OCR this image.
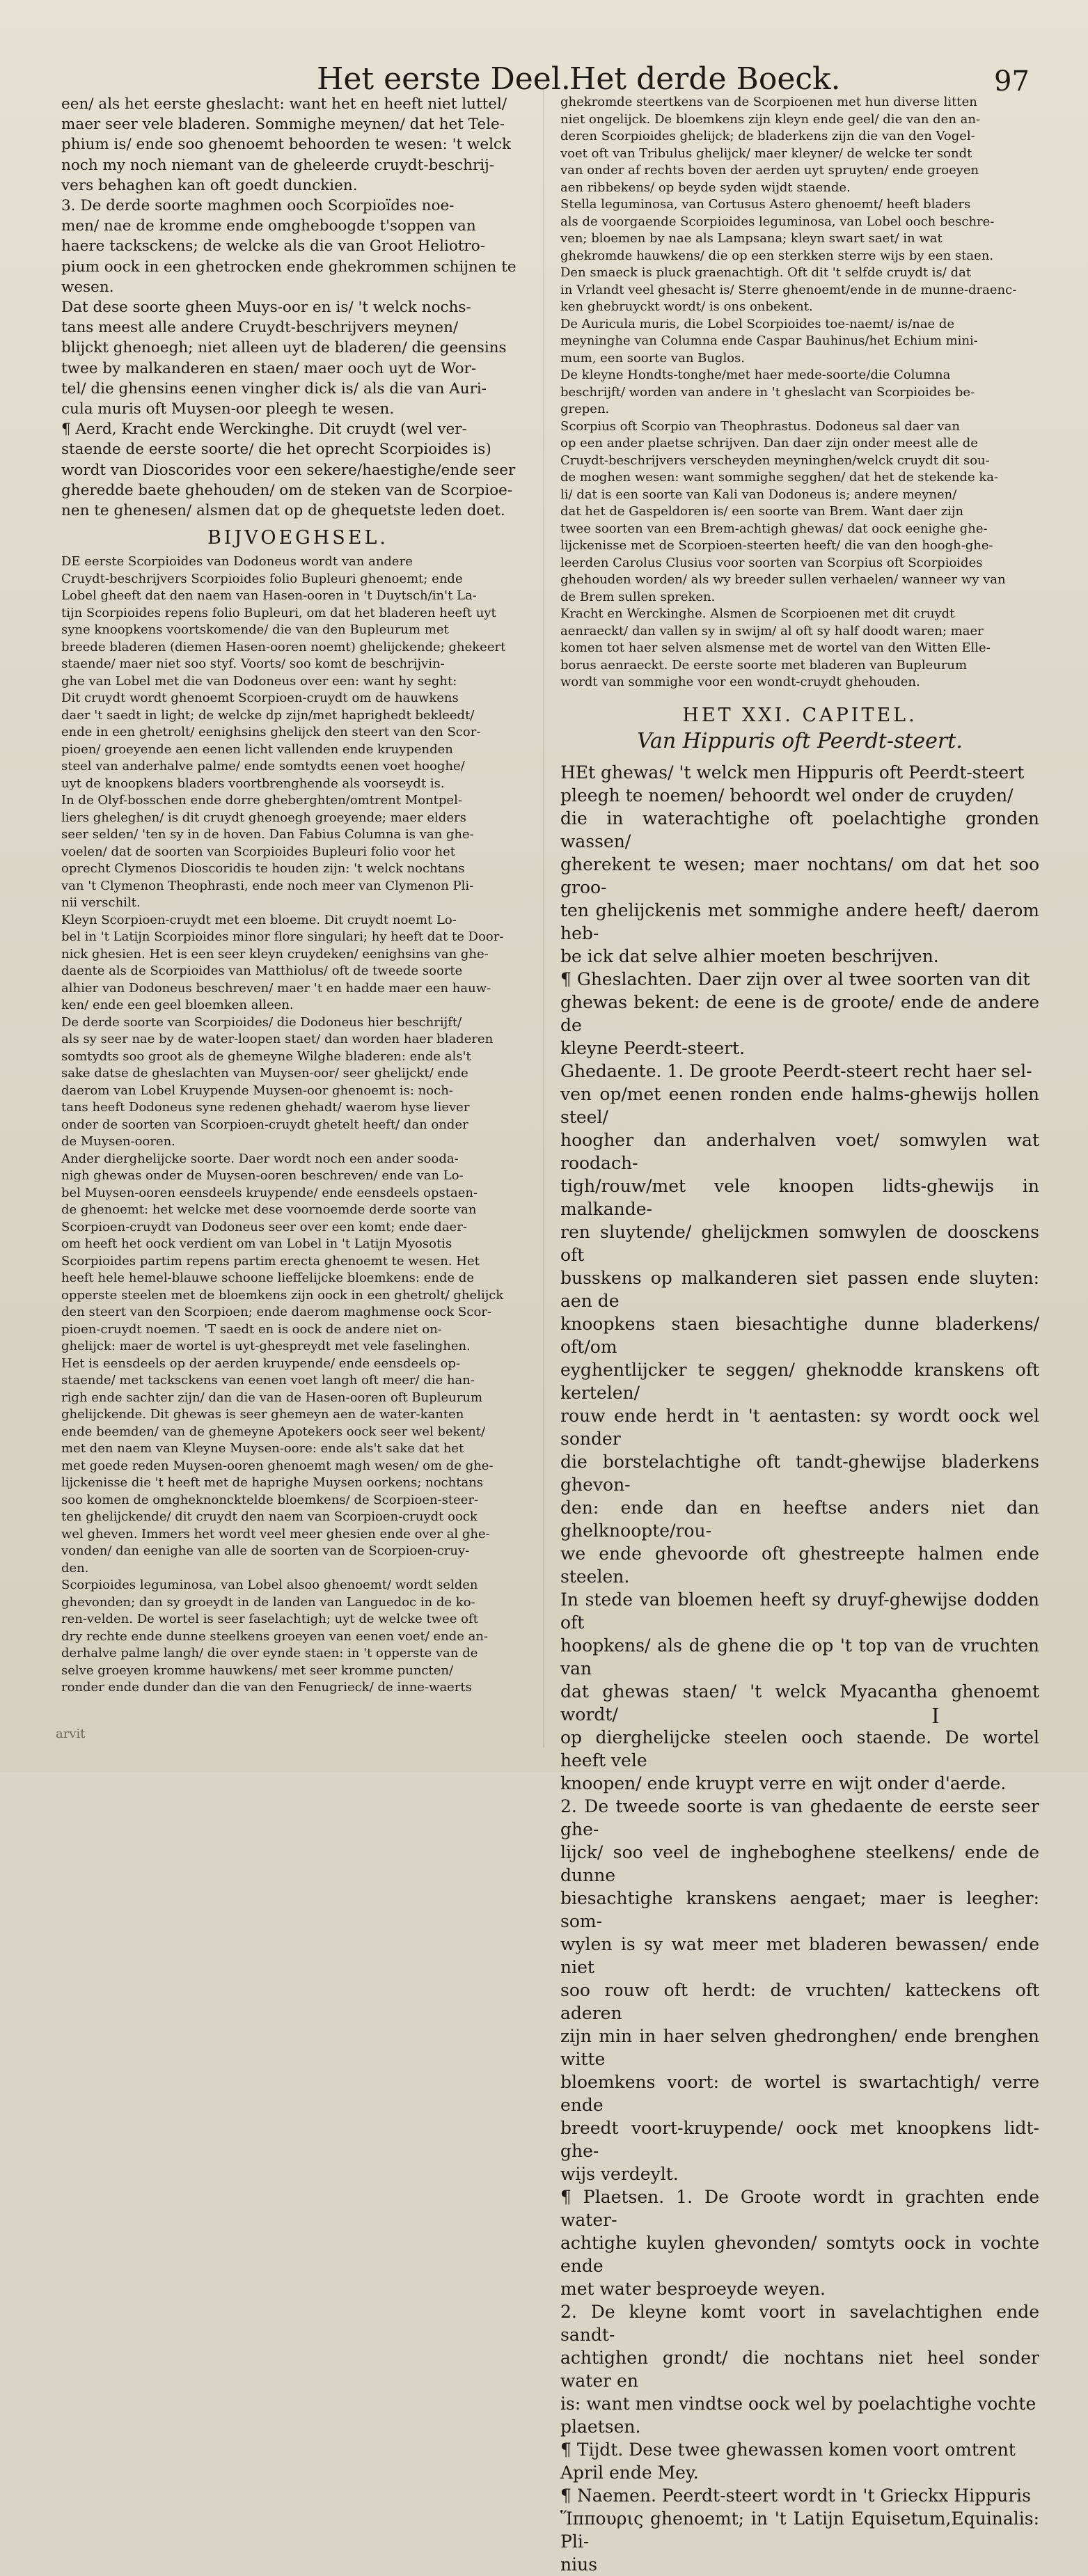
Het eerste Deel.
Het derde Boeck.	97
een/ als het eerste gheslacht: want het en heeft niet luttel/
maer seer vele bladeren. Sommighe meynen/ dat het Tele-
phium is/ ende soo ghenoemt behoorden te wesen: 't welck
noch my noch niemant van de gheleerde cruydt-beschrij-
vers behaghen kan oft goedt dunckien.
3. De derde soorte maghmen ooch Scorpioïdes noe-
men/ nae de kromme ende omgheboogde t'soppen van
haere tacksckens; de welcke als die van Groot Heliotro-
pium oock in een ghetrocken ende ghekrommen schijnen te
wesen.
Dat dese soorte gheen Muys-oor en is/ 't welck nochs-
tans meest alle andere Cruydt-beschrijvers meynen/
blijckt ghenoegh; niet alleen uyt de bladeren/ die geensins
twee by malkanderen en staen/ maer ooch uyt de Wor-
tel/ die ghensins eenen vingher dick is/ als die van Auri-
cula muris oft Muysen-oor pleegh te wesen.
¶ Aerd, Kracht ende Werckinghe. Dit cruydt (wel ver-
staende de eerste soorte/ die het oprecht Scorpioides is)
wordt van Dioscorides voor een sekere/haestighe/ende seer
gheredde baete ghehouden/ om de steken van de Scorpioe-
nen te ghenesen/ alsmen dat op de ghequetste leden doet.
BIJVOEGHSEL.
DE eerste Scorpioides van Dodoneus wordt van andere
Cruydt-beschrijvers Scorpioides folio Bupleuri ghenoemt; ende
Lobel gheeft dat den naem van Hasen-ooren in 't Duytsch/in't La-
tijn Scorpioides repens folio Bupleuri, om dat het bladeren heeft uyt
syne knoopkens voortskomende/ die van den Bupleurum met
breede bladeren (diemen Hasen-ooren noemt) ghelijckende; ghekeert
staende/ maer niet soo styf. Voorts/ soo komt de beschrijvin-
ghe van Lobel met die van Dodoneus over een: want hy seght:
Dit cruydt wordt ghenoemt Scorpioen-cruydt om de hauwkens
daer 't saedt in light; de welcke dp zijn/met haprighedt bekleedt/
ende in een ghetrolt/ eenighsins ghelijck den steert van den Scor-
pioen/ groeyende aen eenen licht vallenden ende kruypenden
steel van anderhalve palme/ ende somtydts eenen voet hooghe/
uyt de knoopkens bladers voortbrenghende als voorseydt is.
In de Olyf-bosschen ende dorre gheberghten/omtrent Montpel-
liers gheleghen/ is dit cruydt ghenoegh groeyende; maer elders
seer selden/ 'ten sy in de hoven. Dan Fabius Columna is van ghe-
voelen/ dat de soorten van Scorpioides Bupleuri folio voor het
oprecht Clymenos Dioscoridis te houden zijn: 't welck nochtans
van 't Clymenon Theophrasti, ende noch meer van Clymenon Pli-
nii verschilt.
Kleyn Scorpioen-cruydt met een bloeme. Dit cruydt noemt Lo-
bel in 't Latijn Scorpioides minor flore singulari; hy heeft dat te Door-
nick ghesien. Het is een seer kleyn cruydeken/ eenighsins van ghe-
daente als de Scorpioides van Matthiolus/ oft de tweede soorte
alhier van Dodoneus beschreven/ maer 't en hadde maer een hauw-
ken/ ende een geel bloemken alleen.
De derde soorte van Scorpioides/ die Dodoneus hier beschrijft/
als sy seer nae by de water-loopen staet/ dan worden haer bladeren
somtydts soo groot als de ghemeyne Wilghe bladeren: ende als't
sake datse de gheslachten van Muysen-oor/ seer ghelijckt/ ende
daerom van Lobel Kruypende Muysen-oor ghenoemt is: noch-
tans heeft Dodoneus syne redenen ghehadt/ waerom hyse liever
onder de soorten van Scorpioen-cruydt ghetelt heeft/ dan onder
de Muysen-ooren.
Ander dierghelijcke soorte. Daer wordt noch een ander sooda-
nigh ghewas onder de Muysen-ooren beschreven/ ende van Lo-
bel Muysen-ooren eensdeels kruypende/ ende eensdeels opstaen-
de ghenoemt: het welcke met dese voornoemde derde soorte van
Scorpioen-cruydt van Dodoneus seer over een komt; ende daer-
om heeft het oock verdient om van Lobel in 't Latijn Myosotis
Scorpioides partim repens partim erecta ghenoemt te wesen. Het
heeft hele hemel-blauwe schoone lieffelijcke bloemkens: ende de
opperste steelen met de bloemkens zijn oock in een ghetrolt/ ghelijck
den steert van den Scorpioen; ende daerom maghmense oock Scor-
pioen-cruydt noemen. 'T saedt en is oock de andere niet on-
ghelijck: maer de wortel is uyt-ghespreydt met vele faselinghen.
Het is eensdeels op der aerden kruypende/ ende eensdeels op-
staende/ met tacksckens van eenen voet langh oft meer/ die han-
righ ende sachter zijn/ dan die van de Hasen-ooren oft Bupleurum
ghelijckende. Dit ghewas is seer ghemeyn aen de water-kanten
ende beemden/ van de ghemeyne Apotekers oock seer wel bekent/
met den naem van Kleyne Muysen-oore: ende als't sake dat het
met goede reden Muysen-ooren ghenoemt magh wesen/ om de ghe-
lijckenisse die 't heeft met de haprighe Muysen oorkens; nochtans
soo komen de omgheknoncktelde bloemkens/ de Scorpioen-steer-
ten ghelijckende/ dit cruydt den naem van Scorpioen-cruydt oock
wel gheven. Immers het wordt veel meer ghesien ende over al ghe-
vonden/ dan eenighe van alle de soorten van de Scorpioen-cruy-
den.
Scorpioides leguminosa, van Lobel alsoo ghenoemt/ wordt selden
ghevonden; dan sy groeydt in de landen van Languedoc in de ko-
ren-velden. De wortel is seer faselachtigh; uyt de welcke twee oft
dry rechte ende dunne steelkens groeyen van eenen voet/ ende an-
derhalve palme langh/ die over eynde staen: in 't opperste van de
selve groeyen kromme hauwkens/ met seer kromme puncten/
ronder ende dunder dan die van den Fenugrieck/ de inne-waerts
ghekromde steertkens van de Scorpioenen met hun diverse litten
niet ongelijck. De bloemkens zijn kleyn ende geel/ die van den an-
deren Scorpioides ghelijck; de bladerkens zijn die van den Vogel-
voet oft van Tribulus ghelijck/ maer kleyner/ de welcke ter sondt
van onder af rechts boven der aerden uyt spruyten/ ende groeyen
aen ribbekens/ op beyde syden wijdt staende.
Stella leguminosa, van Cortusus Astero ghenoemt/ heeft bladers
als de voorgaende Scorpioides leguminosa, van Lobel ooch beschre-
ven; bloemen by nae als Lampsana; kleyn swart saet/ in wat
ghekromde hauwkens/ die op een sterkken sterre wijs by een staen.
Den smaeck is pluck graenachtigh. Oft dit 't selfde cruydt is/ dat
in Vrlandt veel ghesacht is/ Sterre ghenoemt/ende in de munne-draenc-
ken ghebruyckt wordt/ is ons onbekent.
De Auricula muris, die Lobel Scorpioides toe-naemt/ is/nae de
meyninghe van Columna ende Caspar Bauhinus/het Echium mini-
mum, een soorte van Buglos.
De kleyne Hondts-tonghe/met haer mede-soorte/die Columna
beschrijft/ worden van andere in 't gheslacht van Scorpioides be-
grepen.
Scorpius oft Scorpio van Theophrastus. Dodoneus sal daer van
op een ander plaetse schrijven. Dan daer zijn onder meest alle de
Cruydt-beschrijvers verscheyden meyninghen/welck cruydt dit sou-
de moghen wesen: want sommighe segghen/ dat het de stekende ka-
li/ dat is een soorte van Kali van Dodoneus is; andere meynen/
dat het de Gaspeldoren is/ een soorte van Brem. Want daer zijn
twee soorten van een Brem-achtigh ghewas/ dat oock eenighe ghe-
lijckenisse met de Scorpioen-steerten heeft/ die van den hoogh-ghe-
leerden Carolus Clusius voor soorten van Scorpius oft Scorpioides
ghehouden worden/ als wy breeder sullen verhaelen/ wanneer wy van
de Brem sullen spreken.
Kracht en Werckinghe. Alsmen de Scorpioenen met dit cruydt
aenraeckt/ dan vallen sy in swijm/ al oft sy half doodt waren; maer
komen tot haer selven alsmense met de wortel van den Witten Elle-
borus aenraeckt. De eerste soorte met bladeren van Bupleurum
wordt van sommighe voor een wondt-cruydt ghehouden.
HET XXI. CAPITEL.
Van Hippuris oft Peerdt-steert.
HEt ghewas/ 't welck men Hippuris oft Peerdt-steert
pleegh te noemen/ behoordt wel onder de cruyden/
die in waterachtighe oft poelachtighe gronden wassen/
gherekent te wesen; maer nochtans/ om dat het soo groo-
ten ghelijckenis met sommighe andere heeft/ daerom heb-
be ick dat selve alhier moeten beschrijven.
¶ Gheslachten. Daer zijn over al twee soorten van dit
ghewas bekent: de eene is de groote/ ende de andere de
kleyne Peerdt-steert.
Ghedaente. 1. De groote Peerdt-steert recht haer sel-
ven op/met eenen ronden ende halms-ghewijs hollen steel/
hoogher dan anderhalven voet/ somwylen wat roodach-
tigh/rouw/met vele knoopen lidts-ghewijs in malkande-
ren sluytende/ ghelijckmen somwylen de doosckens oft
busskens op malkanderen siet passen ende sluyten: aen de
knoopkens staen biesachtighe dunne bladerkens/ oft/om
eyghentlijcker te seggen/ gheknodde kranskens oft kertelen/
rouw ende herdt in 't aentasten: sy wordt oock wel sonder
die borstelachtighe oft tandt-ghewijse bladerkens ghevon-
den: ende dan en heeftse anders niet dan ghelknoopte/rou-
we ende ghevoorde oft ghestreepte halmen ende steelen.
In stede van bloemen heeft sy druyf-ghewijse dodden oft
hoopkens/ als de ghene die op 't top van de vruchten van
dat ghewas staen/ 't welck Myacantha ghenoemt wordt/
op dierghelijcke steelen ooch staende. De wortel heeft vele
knoopen/ ende kruypt verre en wijt onder d'aerde.
2. De tweede soorte is van ghedaente de eerste seer ghe-
lijck/ soo veel de ingheboghene steelkens/ ende de dunne
biesachtighe kranskens aengaet; maer is leegher: som-
wylen is sy wat meer met bladeren bewassen/ ende niet
soo rouw oft herdt: de vruchten/ katteckens oft aderen
zijn min in haer selven ghedronghen/ ende brenghen witte
bloemkens voort: de wortel is swartachtigh/ verre ende
breedt voort-kruypende/ oock met knoopkens lidt-ghe-
wijs verdeylt.
¶ Plaetsen. 1. De Groote wordt in grachten ende water-
achtighe kuylen ghevonden/ somtyts oock in vochte ende
met water besproeyde weyen.
2. De kleyne komt voort in savelachtighen ende sandt-
achtighen grondt/ die nochtans niet heel sonder water en
is: want men vindtse oock wel by poelachtighe vochte
plaetsen.
¶ Tijdt. Dese twee ghewassen komen voort omtrent
April ende Mey.
¶ Naemen. Peerdt-steert wordt in 't Grieckx Hippuris
Ἵππουρις ghenoemt; in 't Latijn Equisetum,Equinalis: Pli-
nius
I
arvit
